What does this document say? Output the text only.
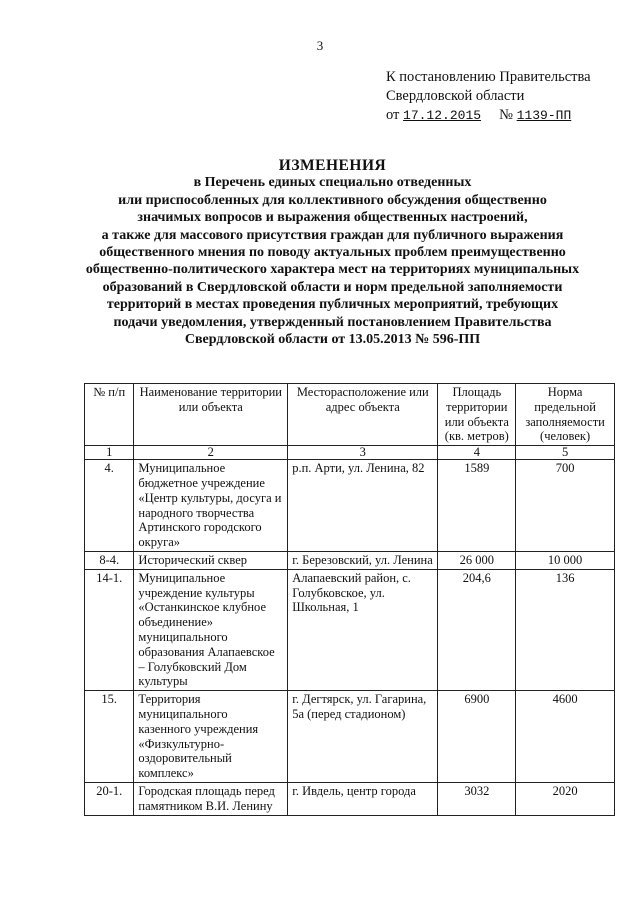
3
К постановлению Правительства
Свердловской области
от 17.12.2015 № 1139-ПП
ИЗМЕНЕНИЯ
в Перечень единых специально отведенных
или приспособленных для коллективного обсуждения общественно
значимых вопросов и выражения общественных настроений,
а также для массового присутствия граждан для публичного выражения
общественного мнения по поводу актуальных проблем преимущественно
общественно-политического характера мест на территориях муниципальных
образований в Свердловской области и норм предельной заполняемости
территорий в местах проведения публичных мероприятий, требующих
подачи уведомления, утвержденный постановлением Правительства
Свердловской области от 13.05.2013 № 596-ПП
№ п/п	Наименование территории или объекта	Месторасположение или адрес объекта	Площадь территории или объекта (кв. метров)	Норма предельной заполняемости (человек)
1	2	3	4	5
4.	Муниципальное бюджетное учреждение «Центр культуры, досуга и народного творчества Артинского городского округа»	р.п. Арти, ул. Ленина, 82	1589	700
8-4.	Исторический сквер	г. Березовский, ул. Ленина	26 000	10 000
14-1.	Муниципальное учреждение культуры «Останкинское клубное объединение» муниципального образования Алапаевское – Голубковский Дом культуры	Алапаевский район, с. Голубковское, ул. Школьная, 1	204,6	136
15.	Территория муниципального казенного учреждения «Физкультурно-оздоровительный комплекс»	г. Дегтярск, ул. Гагарина, 5а (перед стадионом)	6900	4600
20-1.	Городская площадь перед памятником В.И. Ленину	г. Ивдель, центр города	3032	2020
